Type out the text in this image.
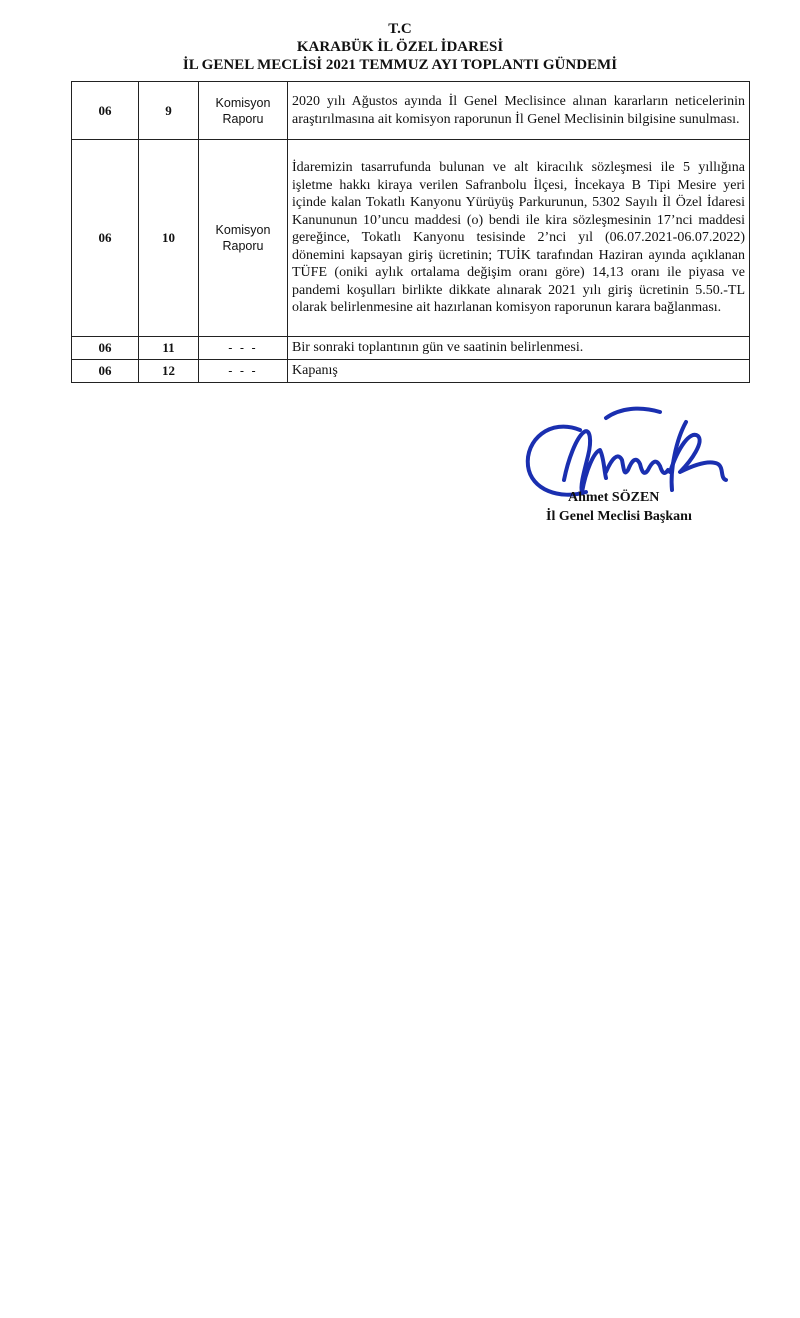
T.C
KARABÜK İL ÖZEL İDARESİ
İL GENEL MECLİSİ 2021 TEMMUZ AYI TOPLANTI GÜNDEMİ
06	9	Komisyon Raporu	2020 yılı Ağustos ayında İl Genel Meclisince alınan kararların neticelerinin araştırılmasına ait komisyon raporunun İl Genel Meclisinin bilgisine sunulması.
06	10	Komisyon Raporu	İdaremizin tasarrufunda bulunan ve alt kiracılık sözleşmesi ile 5 yıllığına işletme hakkı kiraya verilen Safranbolu İlçesi, İncekaya B Tipi Mesire yeri içinde kalan Tokatlı Kanyonu Yürüyüş Parkurunun, 5302 Sayılı İl Özel İdaresi Kanununun 10’uncu maddesi (o) bendi ile kira sözleşmesinin 17’nci maddesi gereğince, Tokatlı Kanyonu tesisinde 2’nci yıl (06.07.2021-06.07.2022) dönemini kapsayan giriş ücretinin; TUİK tarafından Haziran ayında açıklanan TÜFE (oniki aylık ortalama değişim oranı göre) 14,13 oranı ile piyasa ve pandemi koşulları birlikte dikkate alınarak 2021 yılı giriş ücretinin 5.50.-TL olarak belirlenmesine ait hazırlanan komisyon raporunun karara bağlanması.
06	11	- - -	Bir sonraki toplantının gün ve saatinin belirlenmesi.
06	12	- - -	Kapanış
Ahmet SÖZEN
İl Genel Meclisi Başkanı
